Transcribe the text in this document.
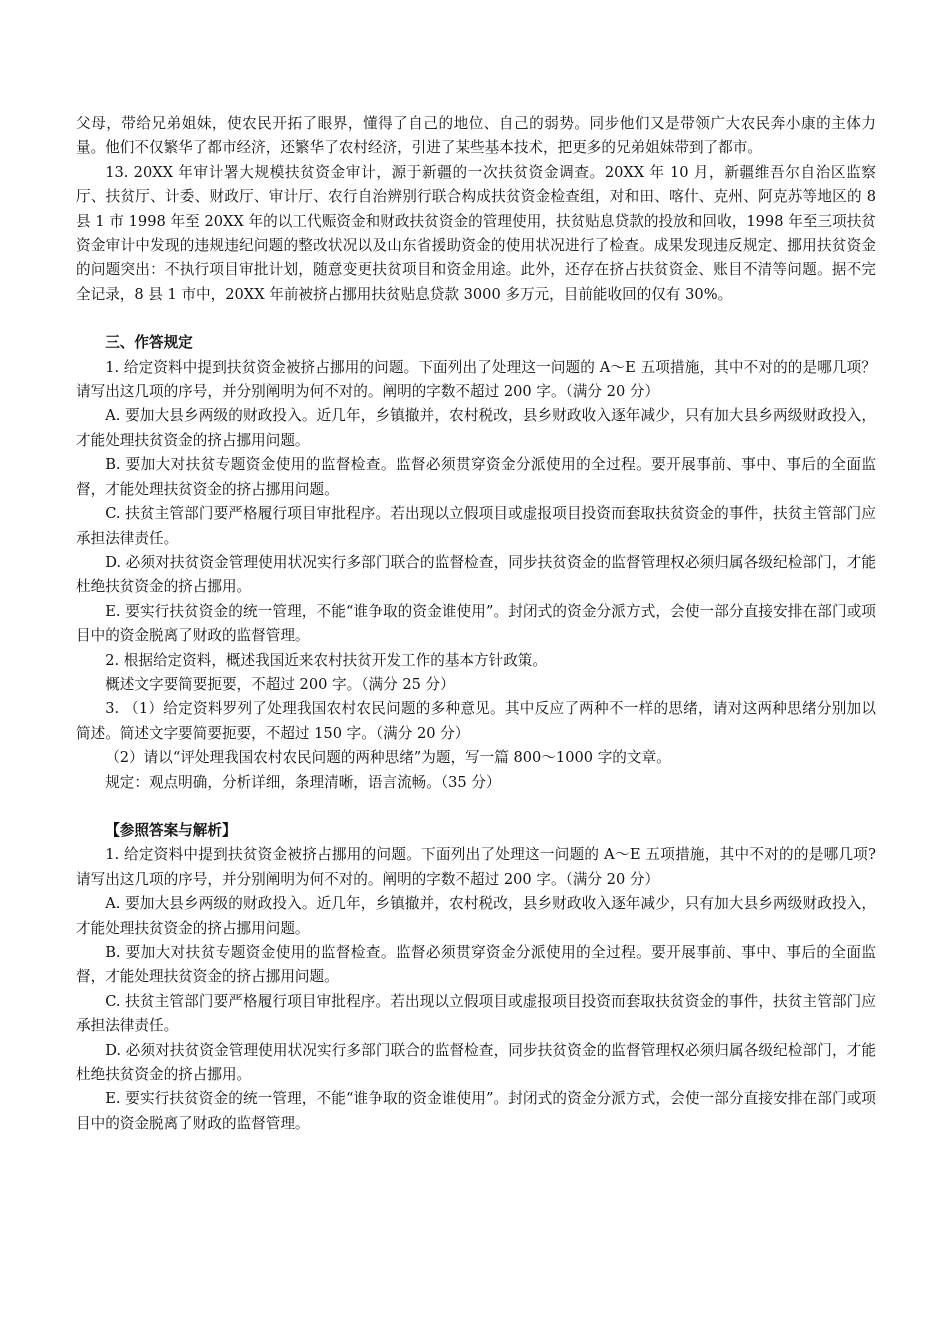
父母，带给兄弟姐妹，使农民开拓了眼界，懂得了自己的地位、自己的弱势。同步他们又是带领广大农民奔小康的主体力量。他们不仅繁华了都市经济，还繁华了农村经济，引进了某些基本技术，把更多的兄弟姐妹带到了都市。

13. 20XX 年审计署大规模扶贫资金审计，源于新疆的一次扶贫资金调查。20XX 年 10 月，新疆维吾尔自治区监察厅、扶贫厅、计委、财政厅、审计厅、农行自治辨别行联合构成扶贫资金检查组，对和田、喀什、克州、阿克苏等地区的 8 县 1 市 1998 年至 20XX 年的以工代赈资金和财政扶贫资金的管理使用，扶贫贴息贷款的投放和回收，1998 年至三项扶贫资金审计中发现的违规违纪问题的整改状况以及山东省援助资金的使用状况进行了检查。成果发现违反规定、挪用扶贫资金的问题突出：不执行项目审批计划，随意变更扶贫项目和资金用途。此外，还存在挤占扶贫资金、账目不清等问题。据不完全记录，8 县 1 市中，20XX 年前被挤占挪用扶贫贴息贷款 3000 多万元，目前能收回的仅有 30%。

三、作答规定

1. 给定资料中提到扶贫资金被挤占挪用的问题。下面列出了处理这一问题的 A～E 五项措施，其中不对的的是哪几项？请写出这几项的序号，并分别阐明为何不对的。阐明的字数不超过 200 字。（满分 20 分）

A. 要加大县乡两级的财政投入。近几年，乡镇撤并，农村税改，县乡财政收入逐年减少，只有加大县乡两级财政投入，才能处理扶贫资金的挤占挪用问题。

B. 要加大对扶贫专题资金使用的监督检查。监督必须贯穿资金分派使用的全过程。要开展事前、事中、事后的全面监督，才能处理扶贫资金的挤占挪用问题。

C. 扶贫主管部门要严格履行项目审批程序。若出现以立假项目或虚报项目投资而套取扶贫资金的事件，扶贫主管部门应承担法律责任。

D. 必须对扶贫资金管理使用状况实行多部门联合的监督检查，同步扶贫资金的监督管理权必须归属各级纪检部门，才能杜绝扶贫资金的挤占挪用。

E. 要实行扶贫资金的统一管理，不能“谁争取的资金谁使用”。封闭式的资金分派方式，会使一部分直接安排在部门或项目中的资金脱离了财政的监督管理。

2. 根据给定资料，概述我国近来农村扶贫开发工作的基本方针政策。

概述文字要简要扼要，不超过 200 字。（满分 25 分）

3. （1）给定资料罗列了处理我国农村农民问题的多种意见。其中反应了两种不一样的思绪，请对这两种思绪分别加以简述。简述文字要简要扼要，不超过 150 字。（满分 20 分）

（2）请以“评处理我国农村农民问题的两种思绪”为题，写一篇 800～1000 字的文章。

规定：观点明确，分析详细，条理清晰，语言流畅。（35 分）

【参照答案与解析】

1. 给定资料中提到扶贫资金被挤占挪用的问题。下面列出了处理这一问题的 A～E 五项措施，其中不对的的是哪几项?请写出这几项的序号，并分别阐明为何不对的。阐明的字数不超过 200 字。（满分 20 分）

A. 要加大县乡两级的财政投入。近几年，乡镇撤并，农村税改，县乡财政收入逐年减少，只有加大县乡两级财政投入，才能处理扶贫资金的挤占挪用问题。

B. 要加大对扶贫专题资金使用的监督检查。监督必须贯穿资金分派使用的全过程。要开展事前、事中、事后的全面监督，才能处理扶贫资金的挤占挪用问题。

C. 扶贫主管部门要严格履行项目审批程序。若出现以立假项目或虚报项目投资而套取扶贫资金的事件，扶贫主管部门应承担法律责任。

D. 必须对扶贫资金管理使用状况实行多部门联合的监督检查，同步扶贫资金的监督管理权必须归属各级纪检部门，才能杜绝扶贫资金的挤占挪用。

E. 要实行扶贫资金的统一管理，不能“谁争取的资金谁使用”。封闭式的资金分派方式，会使一部分直接安排在部门或项目中的资金脱离了财政的监督管理。
